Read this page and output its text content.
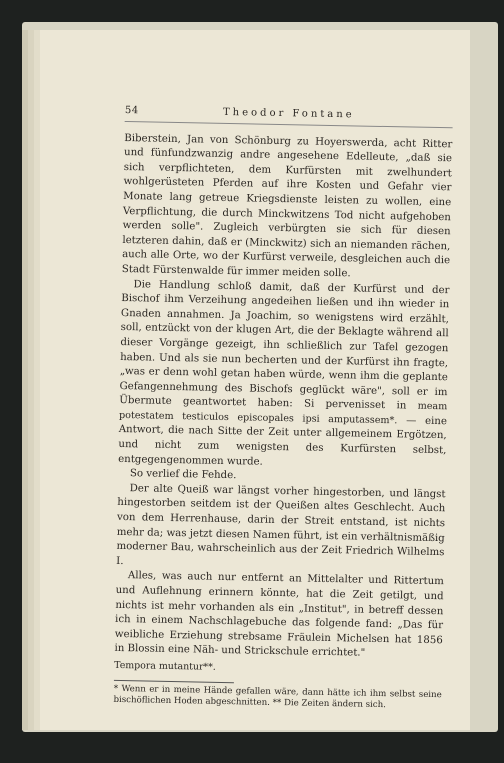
54	Theodor Fontane

Biberstein, Jan von Schönburg zu Hoyerswerda, acht Ritter und fünfundzwanzig andre angesehene Edelleute, „daß sie sich verpflichteten, dem Kurfürsten mit zwelhundert wohlgerüsteten Pferden auf ihre Kosten und Gefahr vier Monate lang getreue Kriegsdienste leisten zu wollen, eine Verpflichtung, die durch Minckwitzens Tod nicht aufgehoben werden solle". Zugleich verbürgten sie sich für diesen letzteren dahin, daß er (Minckwitz) sich an niemanden rächen, auch alle Orte, wo der Kurfürst verweile, desgleichen auch die Stadt Fürstenwalde für immer meiden solle.

Die Handlung schloß damit, daß der Kurfürst und der Bischof ihm Verzeihung angedeihen ließen und ihn wieder in Gnaden annahmen. Ja Joachim, so wenigstens wird erzählt, soll, entzückt von der klugen Art, die der Beklagte während all dieser Vorgänge gezeigt, ihn schließlich zur Tafel gezogen haben. Und als sie nun becherten und der Kurfürst ihn fragte, „was er denn wohl getan haben würde, wenn ihm die geplante Gefangennehmung des Bischofs geglückt wäre", soll er im Übermute geantwortet haben: Si pervenisset in meam potestatem testiculos episcopales ipsi amputassem*. — eine Antwort, die nach Sitte der Zeit unter allgemeinem Ergötzen, und nicht zum wenigsten des Kurfürsten selbst, entgegengenommen wurde.

So verlief die Fehde.

Der alte Queiß war längst vorher hingestorben, und längst hingestorben seitdem ist der Queißen altes Geschlecht. Auch von dem Herrenhause, darin der Streit entstand, ist nichts mehr da; was jetzt diesen Namen führt, ist ein verhältnismäßig moderner Bau, wahrscheinlich aus der Zeit Friedrich Wilhelms I.

Alles, was auch nur entfernt an Mittelalter und Rittertum und Auflehnung erinnern könnte, hat die Zeit getilgt, und nichts ist mehr vorhanden als ein „Institut", in betreff dessen ich in einem Nachschlagebuche das folgende fand: „Das für weibliche Erziehung strebsame Fräulein Michelsen hat 1856 in Blossin eine Näh- und Strickschule errichtet."

Tempora mutantur**.

* Wenn er in meine Hände gefallen wäre, dann hätte ich ihm selbst seine bischöflichen Hoden abgeschnitten. ** Die Zeiten ändern sich.
